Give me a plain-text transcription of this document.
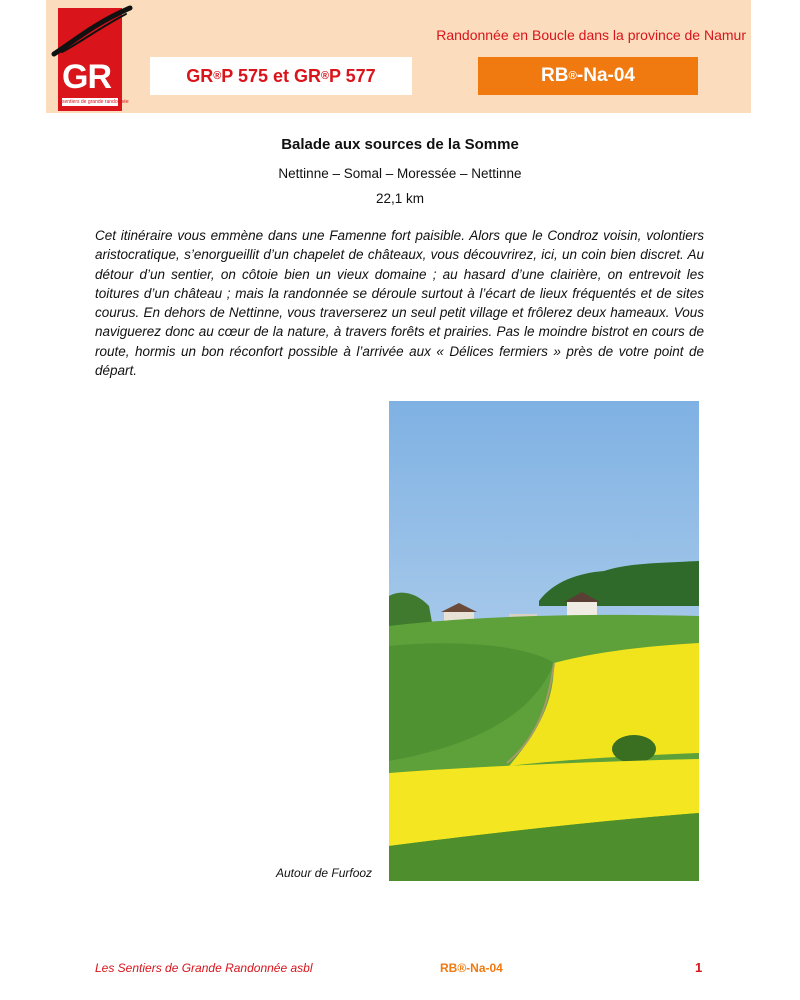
GR
sentiers de grande randonnée
Randonnée en Boucle dans la province de Namur
GR ® P 575 et GR ® P 577	RB ® -Na-04
Balade aux sources de la Somme
Nettinne – Somal – Moressée – Nettinne
22,1 km

Cet itinéraire vous emmène dans une Famenne fort paisible. Alors que le Condroz voisin, volontiers aristocratique, s’enorgueillit d’un chapelet de châteaux, vous découvrirez, ici, un coin bien discret. Au détour d’un sentier, on côtoie bien un vieux domaine ; au hasard d’une clairière, on entrevoit les toitures d’un château ; mais la randonnée se déroule surtout à l’écart de lieux fréquentés et de sites courus. En dehors de Nettinne, vous traverserez un seul petit village et frôlerez deux hameaux. Vous naviguerez donc au cœur de la nature, à travers forêts et prairies. Pas le moindre bistrot en cours de route, hormis un bon réconfort possible à l’arrivée aux « Délices fermiers » près de votre point de départ.

Autour de Furfooz
Les Sentiers de Grande Randonnée asbl	RB®-Na-04	1
